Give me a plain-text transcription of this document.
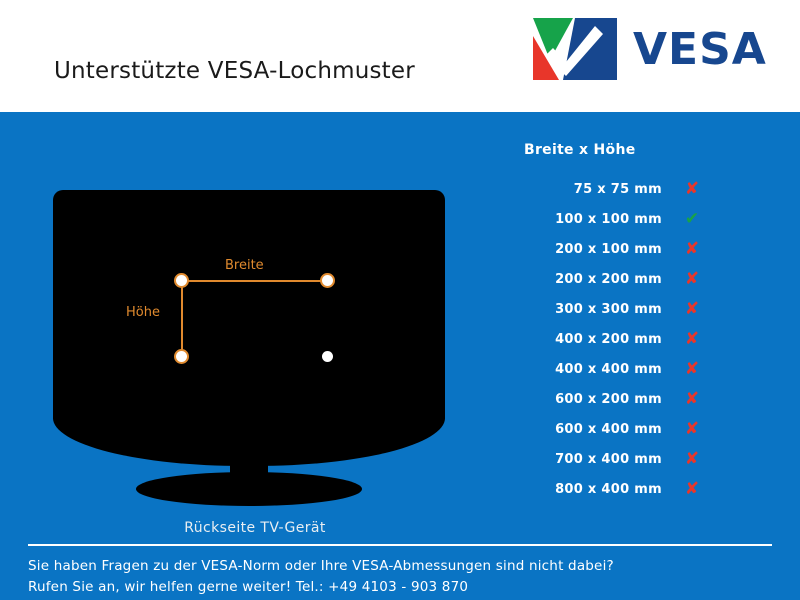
Unterstützte VESA-Lochmuster	VESA
Breite
Höhe
Rückseite TV-Gerät
Breite x Höhe
75 x 75 mm	✘
100 x 100 mm	✔
200 x 100 mm	✘
200 x 200 mm	✘
300 x 300 mm	✘
400 x 200 mm	✘
400 x 400 mm	✘
600 x 200 mm	✘
600 x 400 mm	✘
700 x 400 mm	✘
800 x 400 mm	✘
Sie haben Fragen zu der VESA-Norm oder Ihre VESA-Abmessungen sind nicht dabei?
Rufen Sie an, wir helfen gerne weiter! Tel.: +49 4103 - 903 870
